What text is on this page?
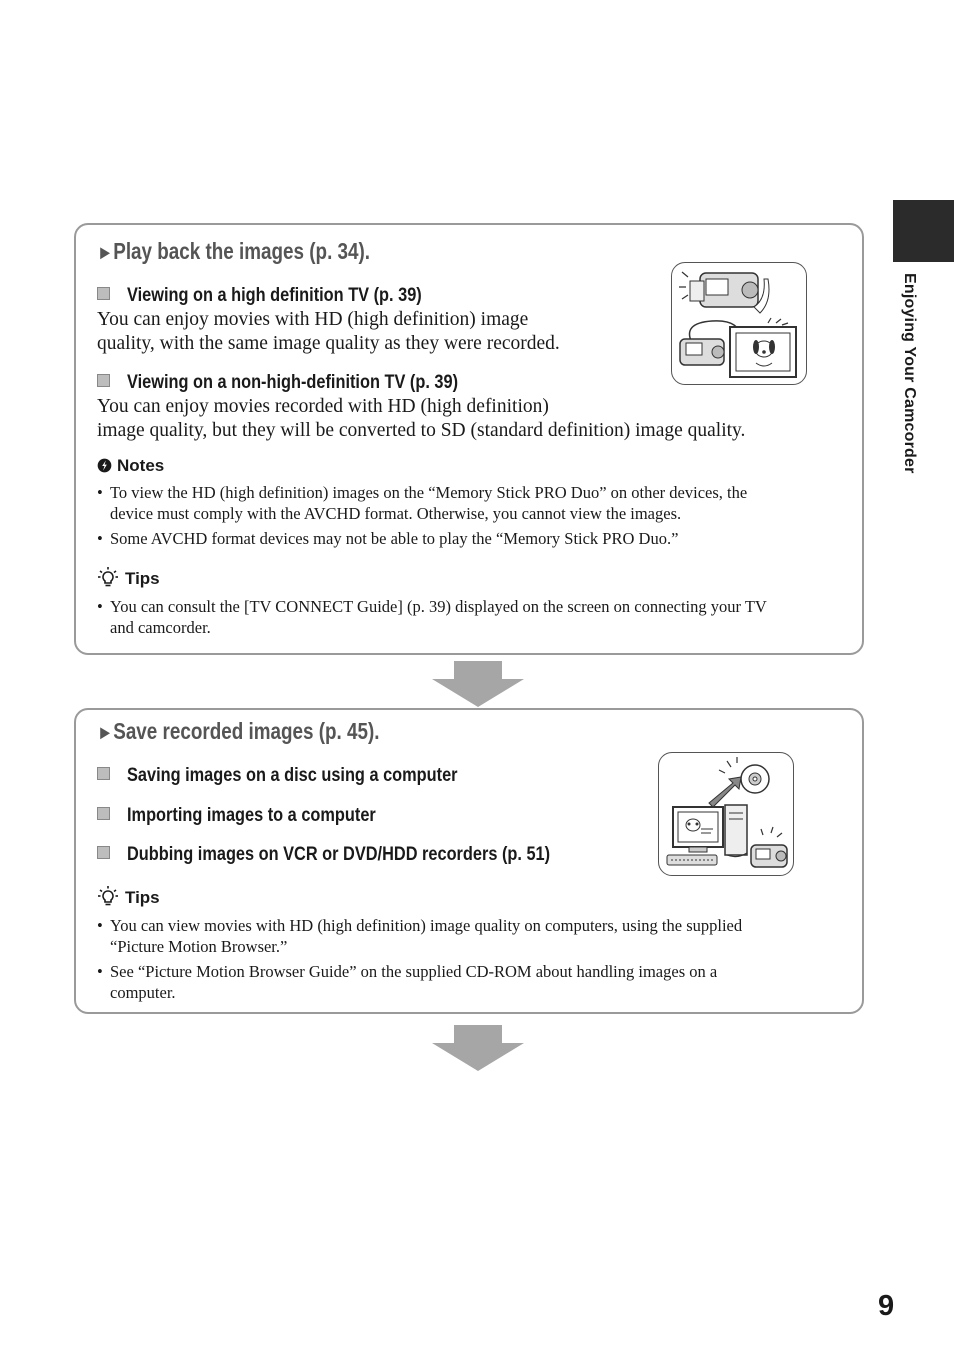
Enjoying Your Camcorder
►Play back the images (p. 34).
Viewing on a high definition TV (p. 39)
You can enjoy movies with HD (high definition) image
quality, with the same image quality as they were recorded.
Viewing on a non-high-definition TV (p. 39)
You can enjoy movies recorded with HD (high definition)
image quality, but they will be converted to SD (standard definition) image quality.
Notes
• To view the HD (high definition) images on the “Memory Stick PRO Duo” on other devices, the
device must comply with the AVCHD format. Otherwise, you cannot view the images.
• Some AVCHD format devices may not be able to play the “Memory Stick PRO Duo.”
Tips
• You can consult the [TV CONNECT Guide] (p. 39) displayed on the screen on connecting your TV
and camcorder.
►Save recorded images (p. 45).
Saving images on a disc using a computer
Importing images to a computer
Dubbing images on VCR or DVD/HDD recorders (p. 51)
Tips
• You can view movies with HD (high definition) image quality on computers, using the supplied
“Picture Motion Browser.”
• See “Picture Motion Browser Guide” on the supplied CD-ROM about handling images on a
computer.
9
